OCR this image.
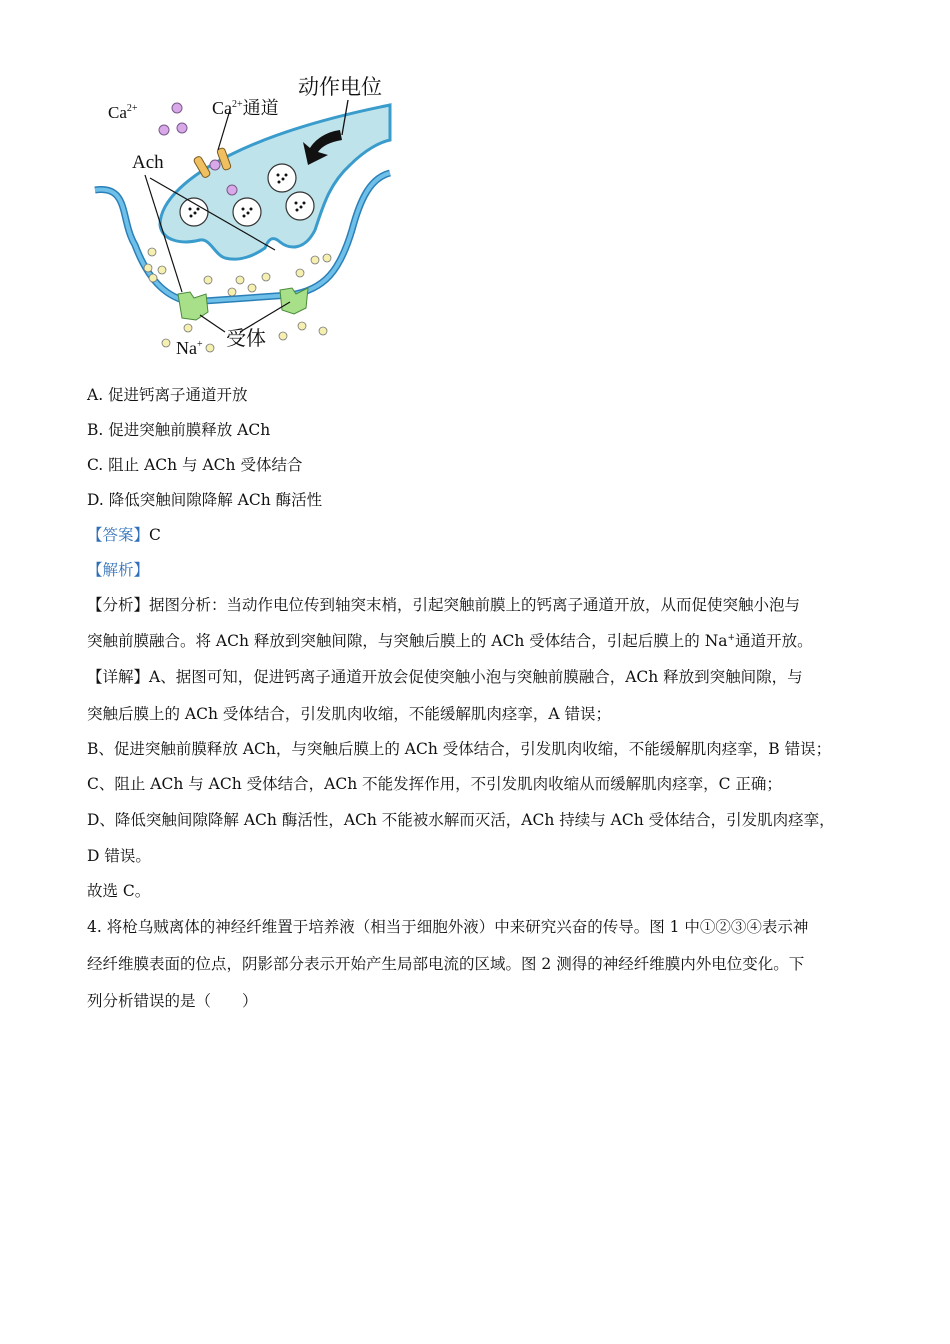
动作电位
$Ca^{2+}$	$Ca^{2+}$通道
Ach
受体
Na+
A. 促进钙离子通道开放
B. 促进突触前膜释放 ACh
C. 阻止 ACh 与 ACh 受体结合
D. 降低突触间隙降解 ACh 酶活性
【答案】C
【解析】
【分析】据图分析：当动作电位传到轴突末梢，引起突触前膜上的钙离子通道开放，从而促使突触小泡与
突触前膜融合。将 ACh 释放到突触间隙，与突触后膜上的 ACh 受体结合，引起后膜上的 Na+通道开放。
【详解】A、据图可知，促进钙离子通道开放会促使突触小泡与突触前膜融合，ACh 释放到突触间隙，与
突触后膜上的 ACh 受体结合，引发肌肉收缩，不能缓解肌肉痉挛，A 错误；
B、促进突触前膜释放 ACh，与突触后膜上的 ACh 受体结合，引发肌肉收缩，不能缓解肌肉痉挛，B 错误；
C、阻止 ACh 与 ACh 受体结合，ACh 不能发挥作用，不引发肌肉收缩从而缓解肌肉痉挛，C 正确；
D、降低突触间隙降解 ACh 酶活性，ACh 不能被水解而灭活，ACh 持续与 ACh 受体结合，引发肌肉痉挛，
D 错误。
故选 C。
4. 将枪乌贼离体的神经纤维置于培养液（相当于细胞外液）中来研究兴奋的传导。图 1 中①②③④表示神
经纤维膜表面的位点，阴影部分表示开始产生局部电流的区域。图 2 测得的神经纤维膜内外电位变化。下
列分析错误的是（　　）
